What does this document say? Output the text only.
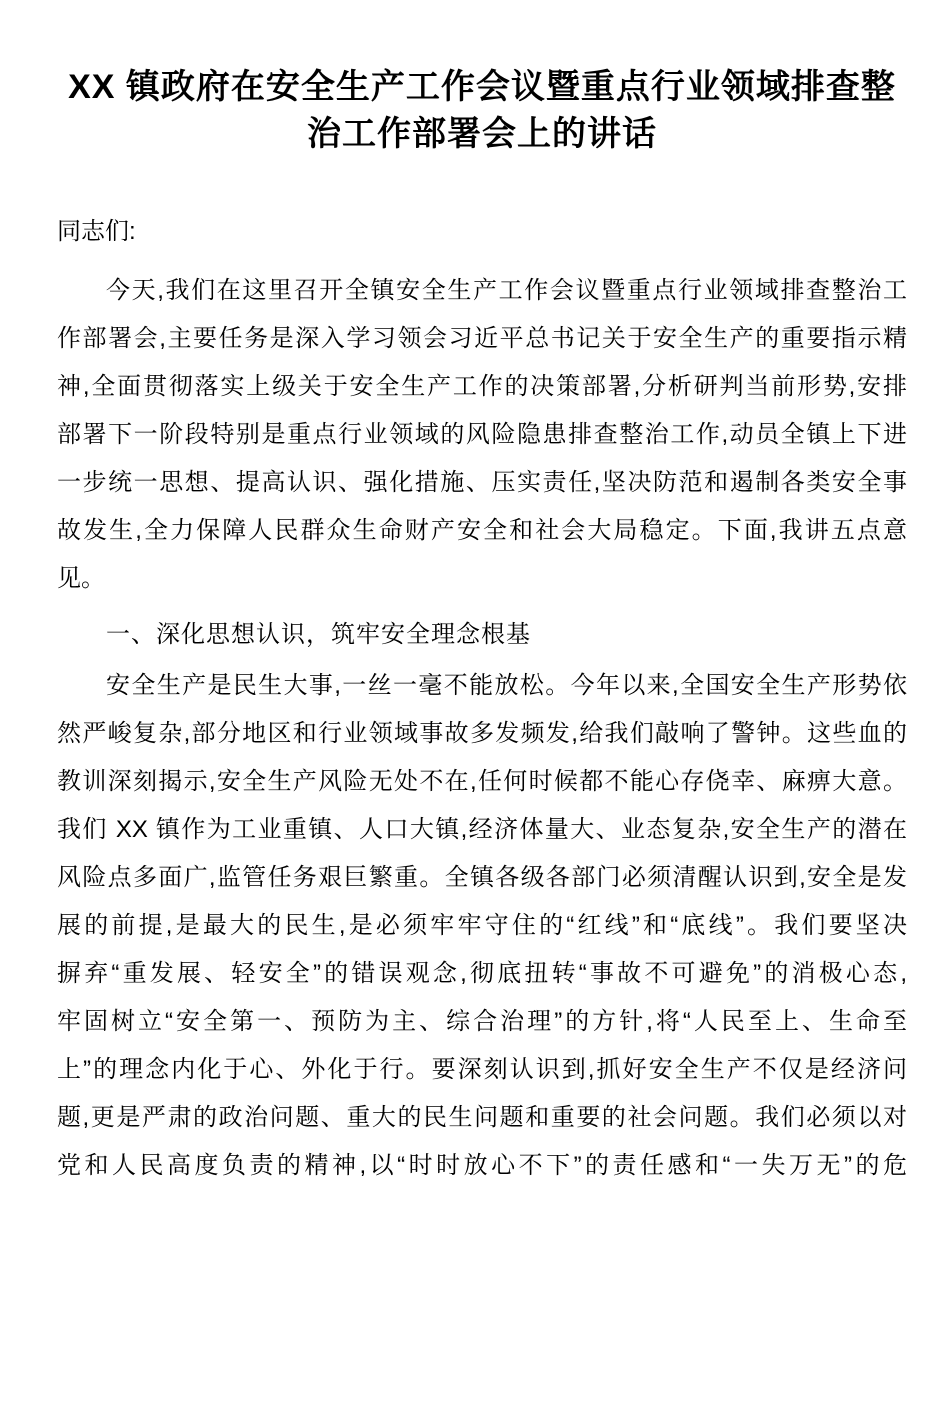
XX 镇政府在安全生产工作会议暨重点行业领域排查整
治工作部署会上的讲话

同志们:

今天,我们在这里召开全镇安全生产工作会议暨重点行业领域排查整治工
作部署会,主要任务是深入学习领会习近平总书记关于安全生产的重要指示精
神,全面贯彻落实上级关于安全生产工作的决策部署,分析研判当前形势,安排
部署下一阶段特别是重点行业领域的风险隐患排查整治工作,动员全镇上下进
一步统一思想、提高认识、强化措施、压实责任,坚决防范和遏制各类安全事
故发生,全力保障人民群众生命财产安全和社会大局稳定。下面,我讲五点意
见。
一、深化思想认识，筑牢安全理念根基
安全生产是民生大事,一丝一毫不能放松。今年以来,全国安全生产形势依
然严峻复杂,部分地区和行业领域事故多发频发,给我们敲响了警钟。这些血的
教训深刻揭示,安全生产风险无处不在,任何时候都不能心存侥幸、麻痹大意。
我们 XX 镇作为工业重镇、人口大镇,经济体量大、业态复杂,安全生产的潜在
风险点多面广,监管任务艰巨繁重。全镇各级各部门必须清醒认识到,安全是发
展的前提,是最大的民生,是必须牢牢守住的“红线”和“底线”。我们要坚决
摒弃“重发展、轻安全”的错误观念,彻底扭转“事故不可避免”的消极心态,
牢固树立“安全第一、预防为主、综合治理”的方针,将“人民至上、生命至
上”的理念内化于心、外化于行。要深刻认识到,抓好安全生产不仅是经济问
题,更是严肃的政治问题、重大的民生问题和重要的社会问题。我们必须以对
党和人民高度负责的精神,以“时时放心不下”的责任感和“一失万无”的危
